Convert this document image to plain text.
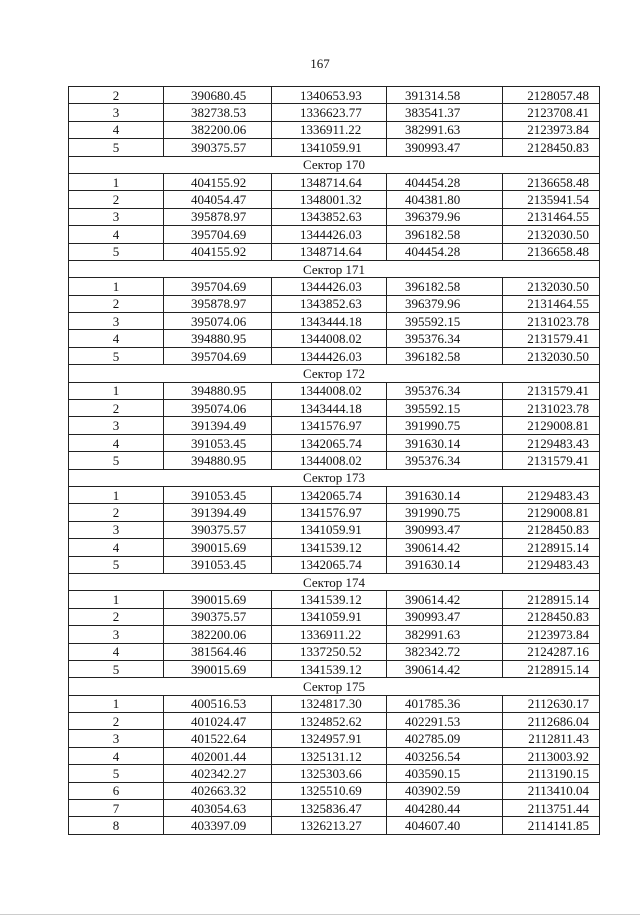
167
2	390680.45	1340653.93	391314.58	2128057.48
3	382738.53	1336623.77	383541.37	2123708.41
4	382200.06	1336911.22	382991.63	2123973.84
5	390375.57	1341059.91	390993.47	2128450.83
Сектор 170				
1	404155.92	1348714.64	404454.28	2136658.48
2	404054.47	1348001.32	404381.80	2135941.54
3	395878.97	1343852.63	396379.96	2131464.55
4	395704.69	1344426.03	396182.58	2132030.50
5	404155.92	1348714.64	404454.28	2136658.48
Сектор 171				
1	395704.69	1344426.03	396182.58	2132030.50
2	395878.97	1343852.63	396379.96	2131464.55
3	395074.06	1343444.18	395592.15	2131023.78
4	394880.95	1344008.02	395376.34	2131579.41
5	395704.69	1344426.03	396182.58	2132030.50
Сектор 172				
1	394880.95	1344008.02	395376.34	2131579.41
2	395074.06	1343444.18	395592.15	2131023.78
3	391394.49	1341576.97	391990.75	2129008.81
4	391053.45	1342065.74	391630.14	2129483.43
5	394880.95	1344008.02	395376.34	2131579.41
Сектор 173				
1	391053.45	1342065.74	391630.14	2129483.43
2	391394.49	1341576.97	391990.75	2129008.81
3	390375.57	1341059.91	390993.47	2128450.83
4	390015.69	1341539.12	390614.42	2128915.14
5	391053.45	1342065.74	391630.14	2129483.43
Сектор 174				
1	390015.69	1341539.12	390614.42	2128915.14
2	390375.57	1341059.91	390993.47	2128450.83
3	382200.06	1336911.22	382991.63	2123973.84
4	381564.46	1337250.52	382342.72	2124287.16
5	390015.69	1341539.12	390614.42	2128915.14
Сектор 175				
1	400516.53	1324817.30	401785.36	2112630.17
2	401024.47	1324852.62	402291.53	2112686.04
3	401522.64	1324957.91	402785.09	2112811.43
4	402001.44	1325131.12	403256.54	2113003.92
5	402342.27	1325303.66	403590.15	2113190.15
6	402663.32	1325510.69	403902.59	2113410.04
7	403054.63	1325836.47	404280.44	2113751.44
8	403397.09	1326213.27	404607.40	2114141.85
